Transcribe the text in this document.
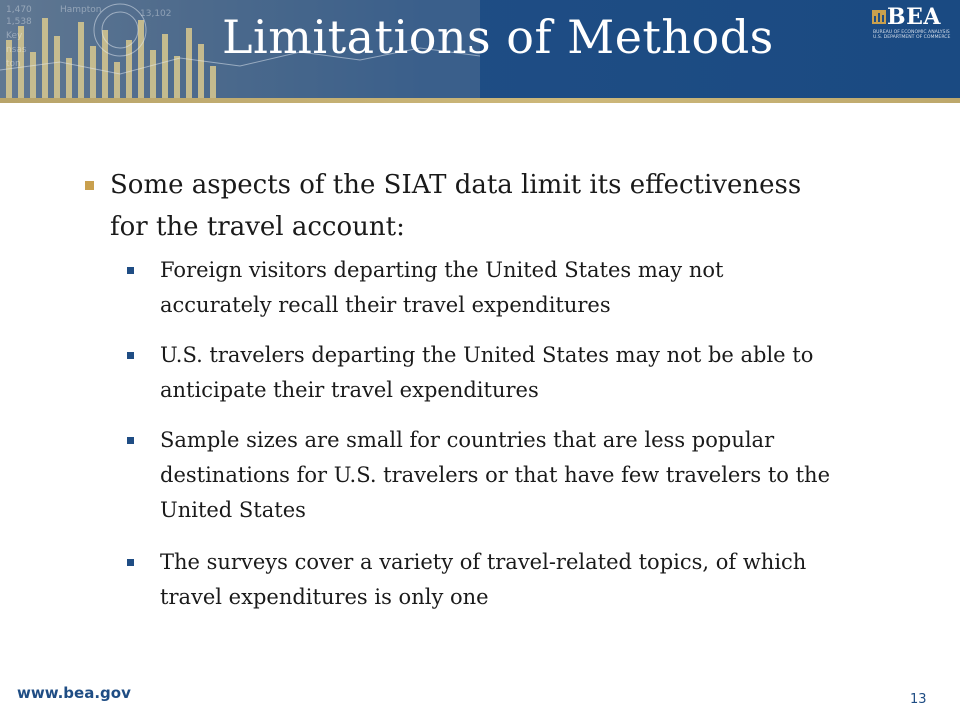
1,470	Hampton
1,538
13,102
Key
nsas
ton	Limitations of Methods	BEA
BUREAU OF ECONOMIC ANALYSIS
U.S. DEPARTMENT OF COMMERCE
Some aspects of the SIAT data limit its effectiveness for the travel account:
Foreign visitors departing the United States may not accurately recall their travel expenditures
U.S. travelers departing the United States may not be able to anticipate their travel expenditures
Sample sizes are small for countries that are less popular destinations for U.S. travelers or that have few travelers to the United States
The surveys cover a variety of travel-related topics, of which travel expenditures is only one
www.bea.gov	13
